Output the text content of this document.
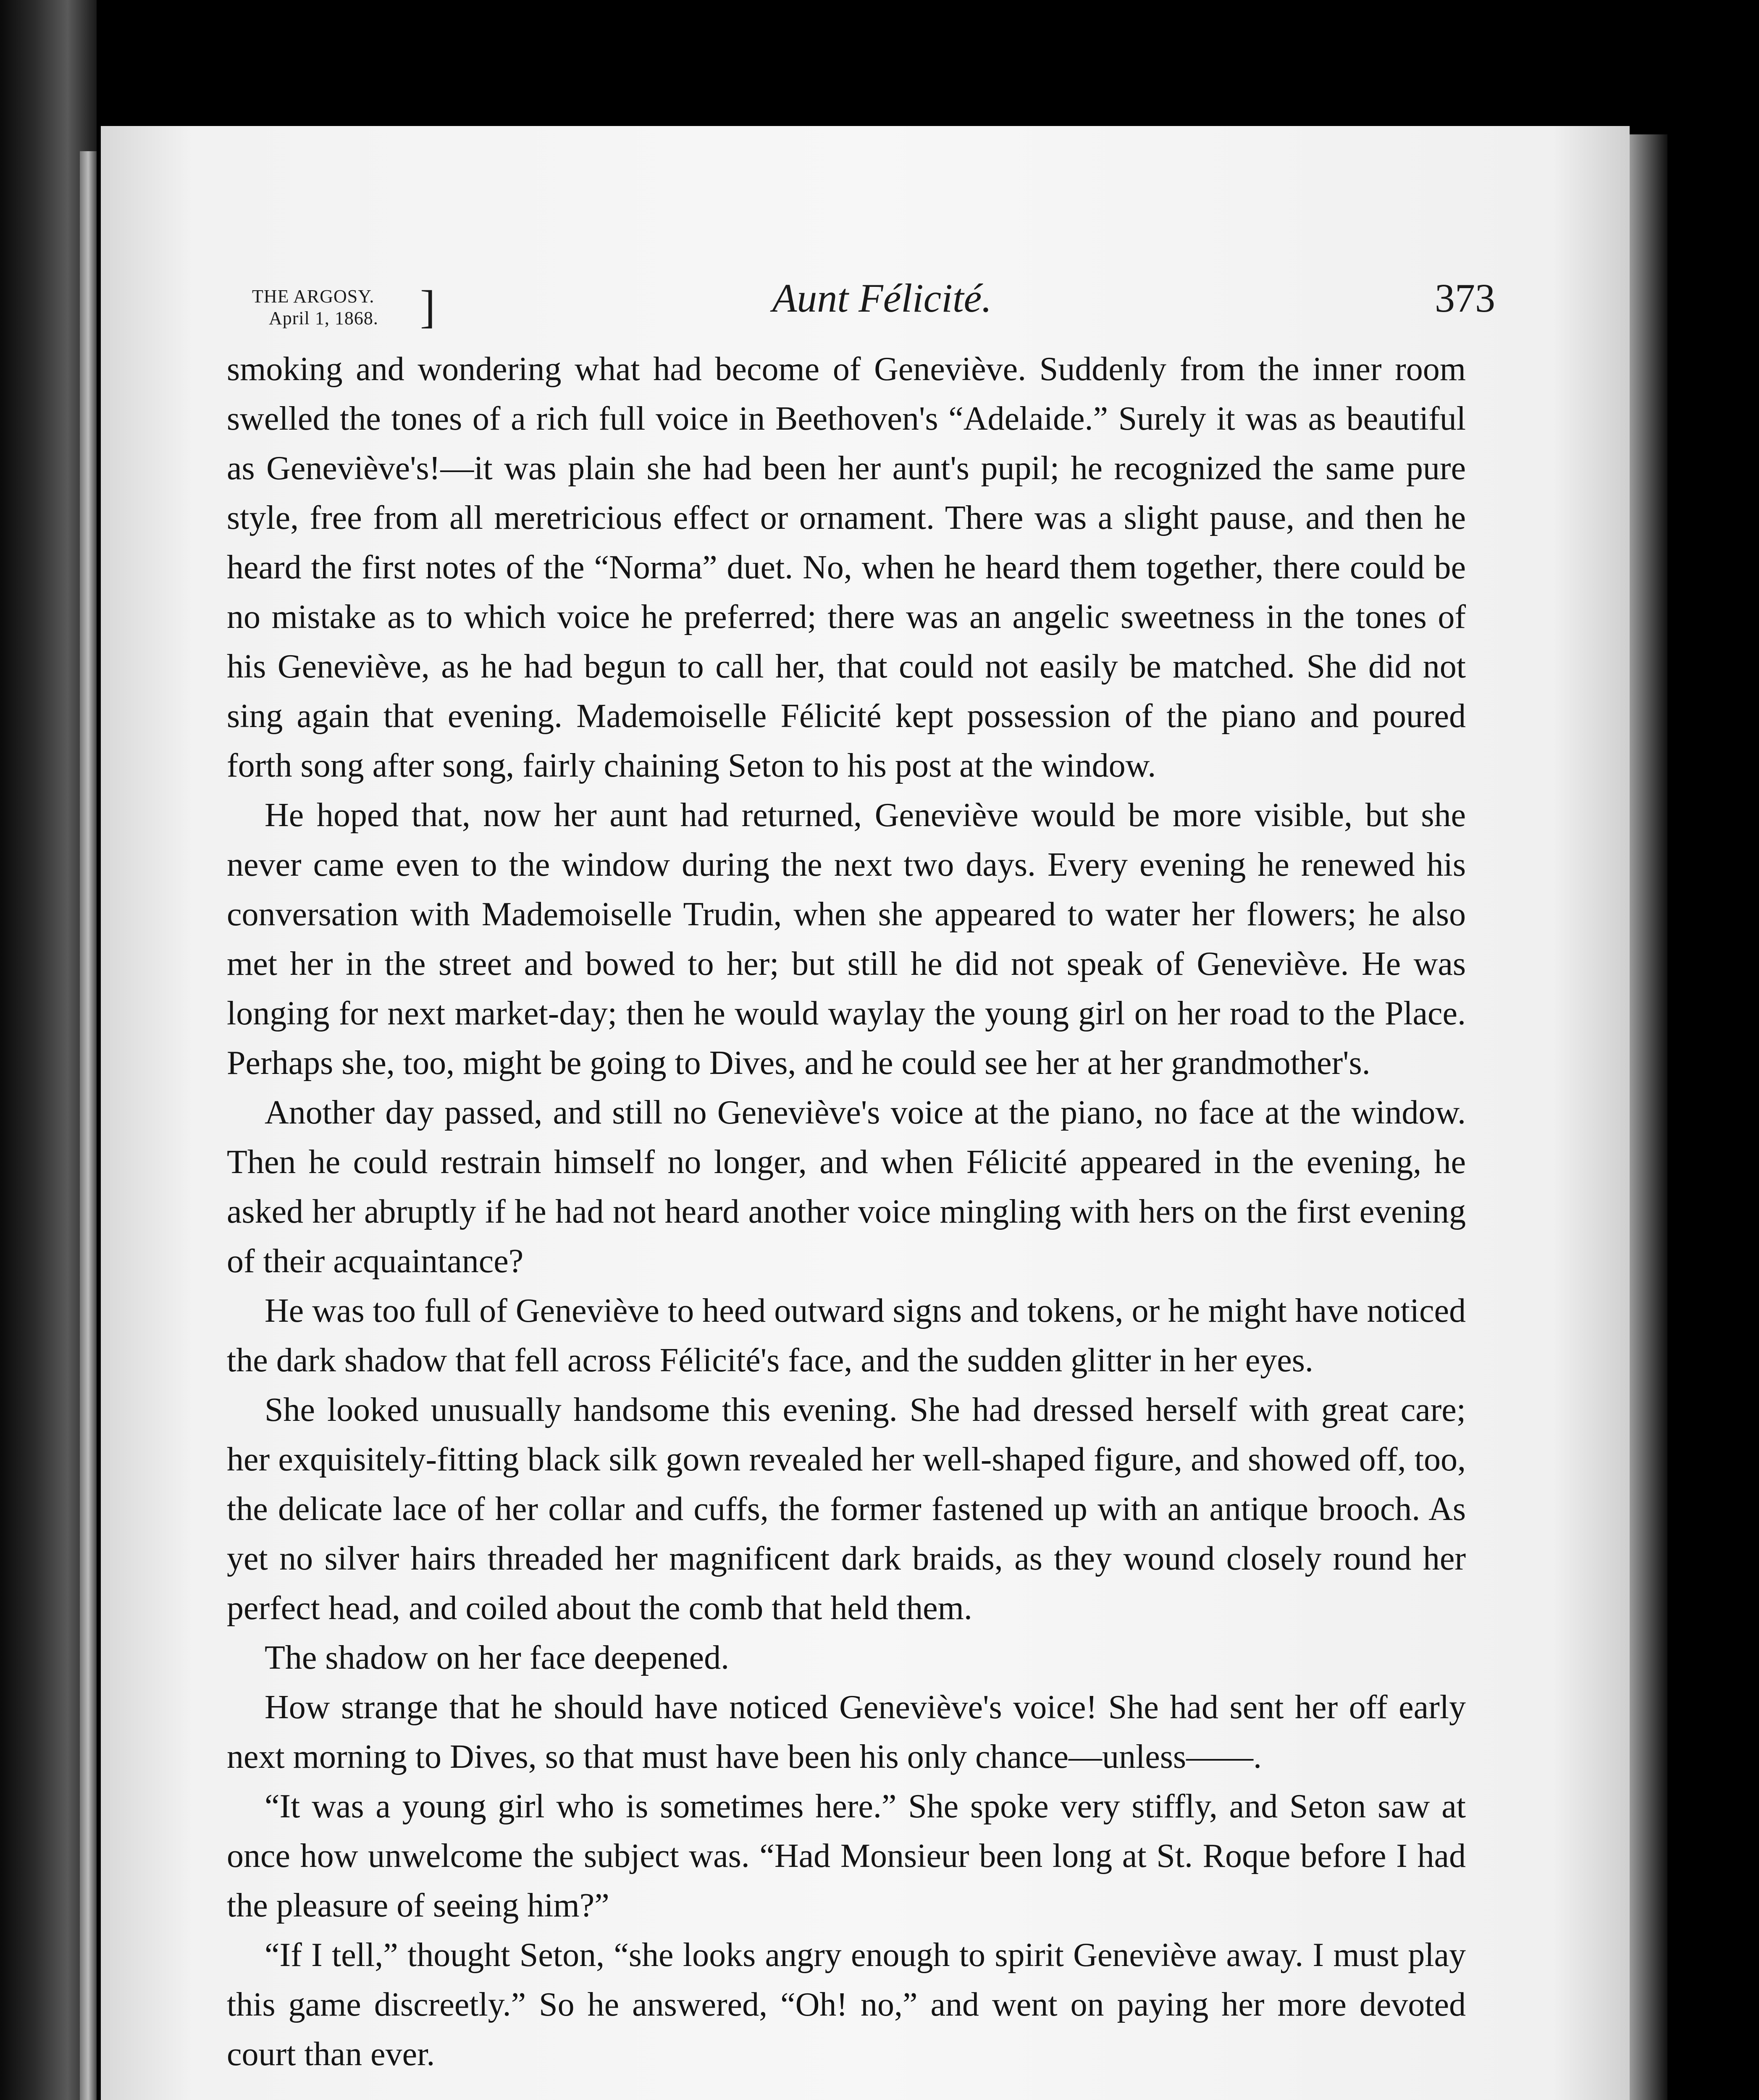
THE ARGOSY.
April 1, 1868. ]	Aunt Félicité.	373

smoking and wondering what had become of Geneviève. Suddenly from the inner room swelled the tones of a rich full voice in Beethoven's “Adelaide.” Surely it was as beautiful as Geneviève's!—it was plain she had been her aunt's pupil; he recognized the same pure style, free from all meretricious effect or ornament. There was a slight pause, and then he heard the first notes of the “Norma” duet. No, when he heard them together, there could be no mistake as to which voice he preferred; there was an angelic sweetness in the tones of his Geneviève, as he had begun to call her, that could not easily be matched. She did not sing again that evening. Mademoiselle Félicité kept possession of the piano and poured forth song after song, fairly chaining Seton to his post at the window.

He hoped that, now her aunt had returned, Geneviève would be more visible, but she never came even to the window during the next two days. Every evening he renewed his conversation with Mademoiselle Trudin, when she appeared to water her flowers; he also met her in the street and bowed to her; but still he did not speak of Geneviève. He was longing for next market-day; then he would waylay the young girl on her road to the Place. Perhaps she, too, might be going to Dives, and he could see her at her grandmother's.

Another day passed, and still no Geneviève's voice at the piano, no face at the window. Then he could restrain himself no longer, and when Félicité appeared in the evening, he asked her abruptly if he had not heard another voice mingling with hers on the first evening of their acquaintance?

He was too full of Geneviève to heed outward signs and tokens, or he might have noticed the dark shadow that fell across Félicité's face, and the sudden glitter in her eyes.

She looked unusually handsome this evening. She had dressed herself with great care; her exquisitely-fitting black silk gown revealed her well-shaped figure, and showed off, too, the delicate lace of her collar and cuffs, the former fastened up with an antique brooch. As yet no silver hairs threaded her magnificent dark braids, as they wound closely round her perfect head, and coiled about the comb that held them.

The shadow on her face deepened.

How strange that he should have noticed Geneviève's voice! She had sent her off early next morning to Dives, so that must have been his only chance—unless——.

“It was a young girl who is sometimes here.” She spoke very stiffly, and Seton saw at once how unwelcome the subject was. “Had Monsieur been long at St. Roque before I had the pleasure of seeing him?”

“If I tell,” thought Seton, “she looks angry enough to spirit Geneviève away. I must play this game discreetly.” So he answered, “Oh! no,” and went on paying her more devoted court than ever.
